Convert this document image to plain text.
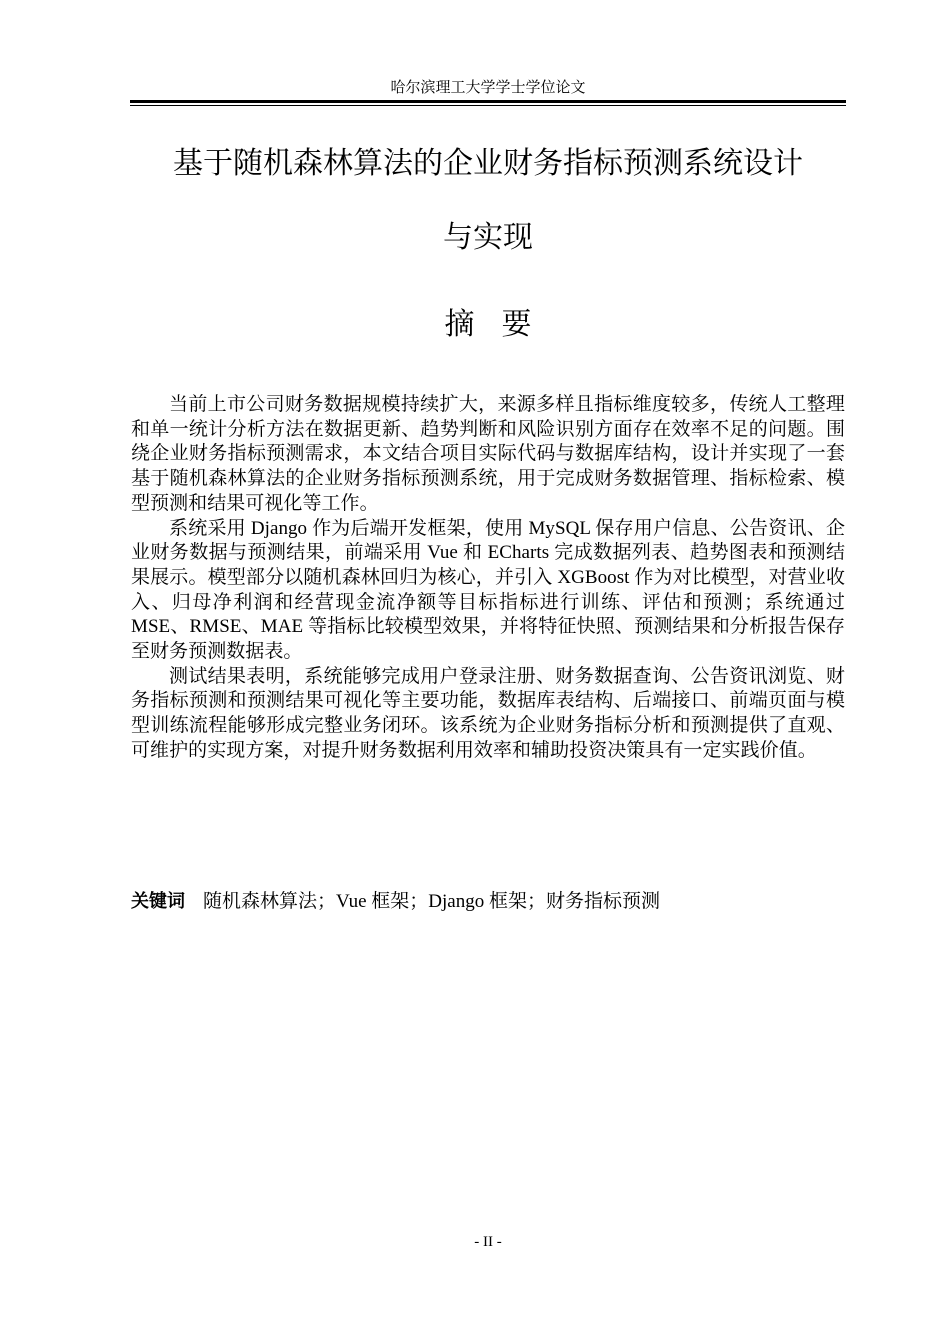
哈尔滨理工大学学士学位论文
基于随机森林算法的企业财务指标预测系统设计
与实现
摘要

当前上市公司财务数据规模持续扩大，来源多样且指标维度较多，传统人工整理和单一统计分析方法在数据更新、趋势判断和风险识别方面存在效率不足的问题。围绕企业财务指标预测需求，本文结合项目实际代码与数据库结构，设计并实现了一套基于随机森林算法的企业财务指标预测系统，用于完成财务数据管理、指标检索、模型预测和结果可视化等工作。

系统采用 Django 作为后端开发框架，使用 MySQL 保存用户信息、公告资讯、企业财务数据与预测结果，前端采用 Vue 和 ECharts 完成数据列表、趋势图表和预测结果展示。模型部分以随机森林回归为核心，并引入 XGBoost 作为对比模型，对营业收入、归母净利润和经营现金流净额等目标指标进行训练、评估和预测；系统通过 MSE、RMSE、MAE 等指标比较模型效果，并将特征快照、预测结果和分析报告保存至财务预测数据表。

测试结果表明，系统能够完成用户登录注册、财务数据查询、公告资讯浏览、财务指标预测和预测结果可视化等主要功能，数据库表结构、后端接口、前端页面与模型训练流程能够形成完整业务闭环。该系统为企业财务指标分析和预测提供了直观、可维护的实现方案，对提升财务数据利用效率和辅助投资决策具有一定实践价值。

关键词 随机森林算法；Vue 框架；Django 框架；财务指标预测
- II -
